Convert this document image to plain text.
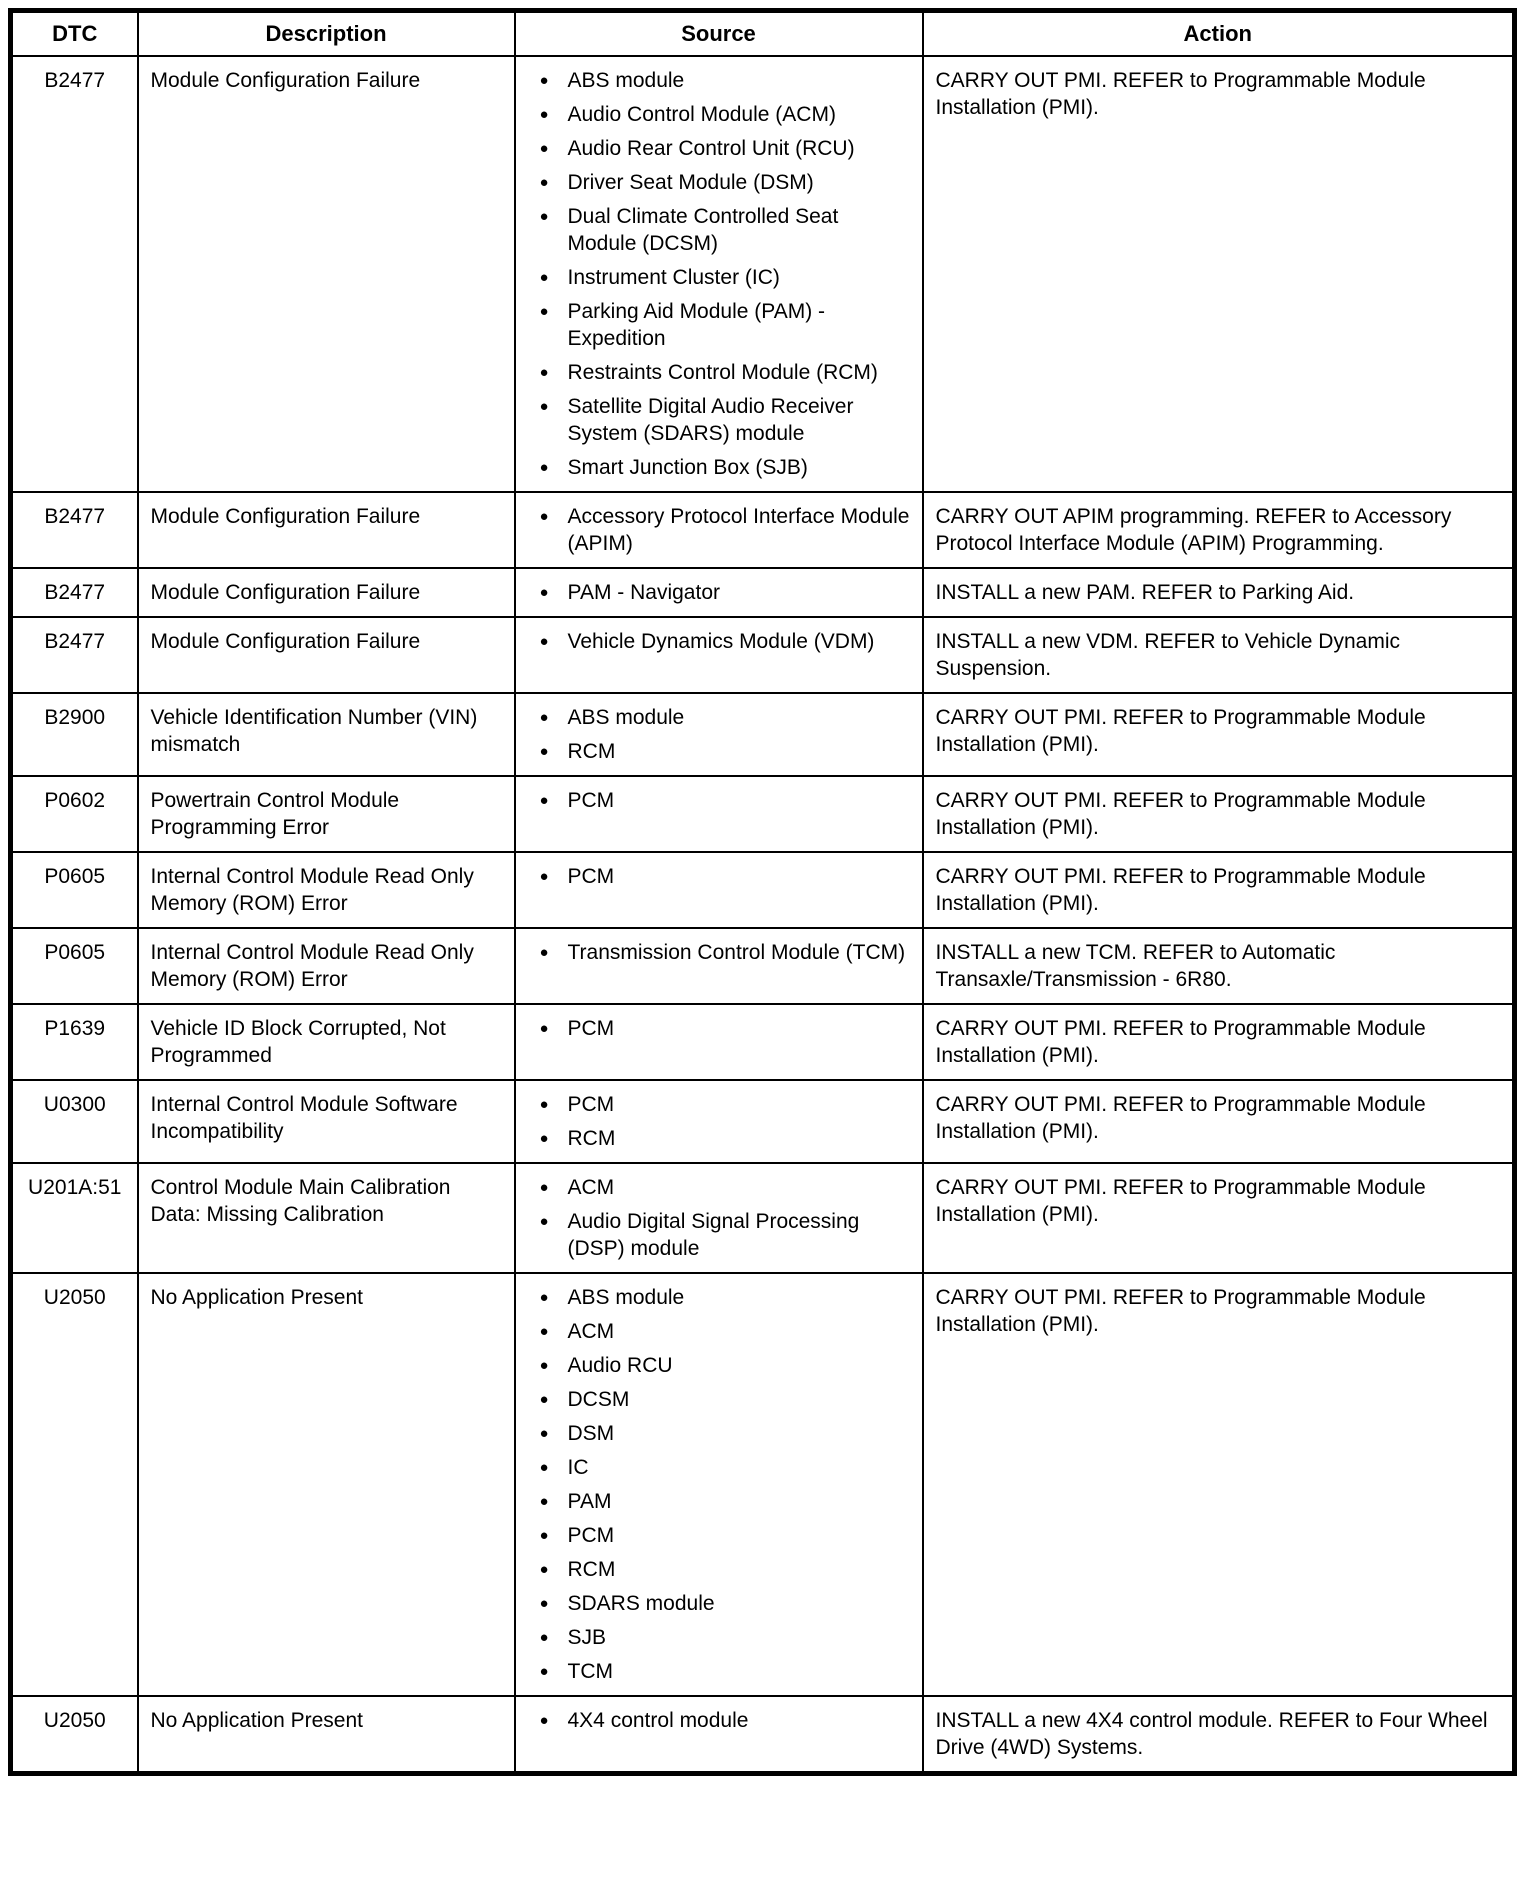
DTC	Description	Source	Action
B2477	Module Configuration Failure	● ABS module
● Audio Control Module (ACM)
● Audio Rear Control Unit (RCU)
● Driver Seat Module (DSM)
● Dual Climate Controlled Seat Module (DCSM)
● Instrument Cluster (IC)
● Parking Aid Module (PAM) - Expedition
● Restraints Control Module (RCM)
● Satellite Digital Audio Receiver System (SDARS) module
● Smart Junction Box (SJB)
	CARRY OUT PMI. REFER to Programmable Module Installation (PMI).
B2477	Module Configuration Failure	● Accessory Protocol Interface Module (APIM)
	CARRY OUT APIM programming. REFER to Accessory Protocol Interface Module (APIM) Programming.
B2477	Module Configuration Failure	● PAM - Navigator	INSTALL a new PAM. REFER to Parking Aid.
B2477	Module Configuration Failure	● Vehicle Dynamics Module (VDM)	INSTALL a new VDM. REFER to Vehicle Dynamic Suspension.
B2900	Vehicle Identification Number (VIN) mismatch	
● ABS module
● RCM
	CARRY OUT PMI. REFER to Programmable Module Installation (PMI).
P0602	Powertrain Control Module Programming Error	
● PCM	CARRY OUT PMI. REFER to Programmable Module Installation (PMI).
P0605	Internal Control Module Read Only Memory (ROM) Error	
● PCM	CARRY OUT PMI. REFER to Programmable Module Installation (PMI).
P0605	Internal Control Module Read Only Memory (ROM) Error	
● Transmission Control Module (TCM)	INSTALL a new TCM. REFER to Automatic Transaxle/Transmission - 6R80.
P1639	Vehicle ID Block Corrupted, Not Programmed	
● PCM	CARRY OUT PMI. REFER to Programmable Module Installation (PMI).
U0300	Internal Control Module Software Incompatibility	
● PCM
● RCM
	CARRY OUT PMI. REFER to Programmable Module Installation (PMI).
U201A:51	Control Module Main Calibration Data: Missing Calibration	
● ACM
● Audio Digital Signal Processing (DSP) module
	CARRY OUT PMI. REFER to Programmable Module Installation (PMI).
U2050	No Application Present	● ABS module
● ACM
● Audio RCU
● DCSM
● DSM
● IC
● PAM
● PCM
● RCM
● SDARS module
● SJB
● TCM
	CARRY OUT PMI. REFER to Programmable Module Installation (PMI).
U2050	No Application Present	● 4X4 control module	INSTALL a new 4X4 control module. REFER to Four Wheel Drive (4WD) Systems.
